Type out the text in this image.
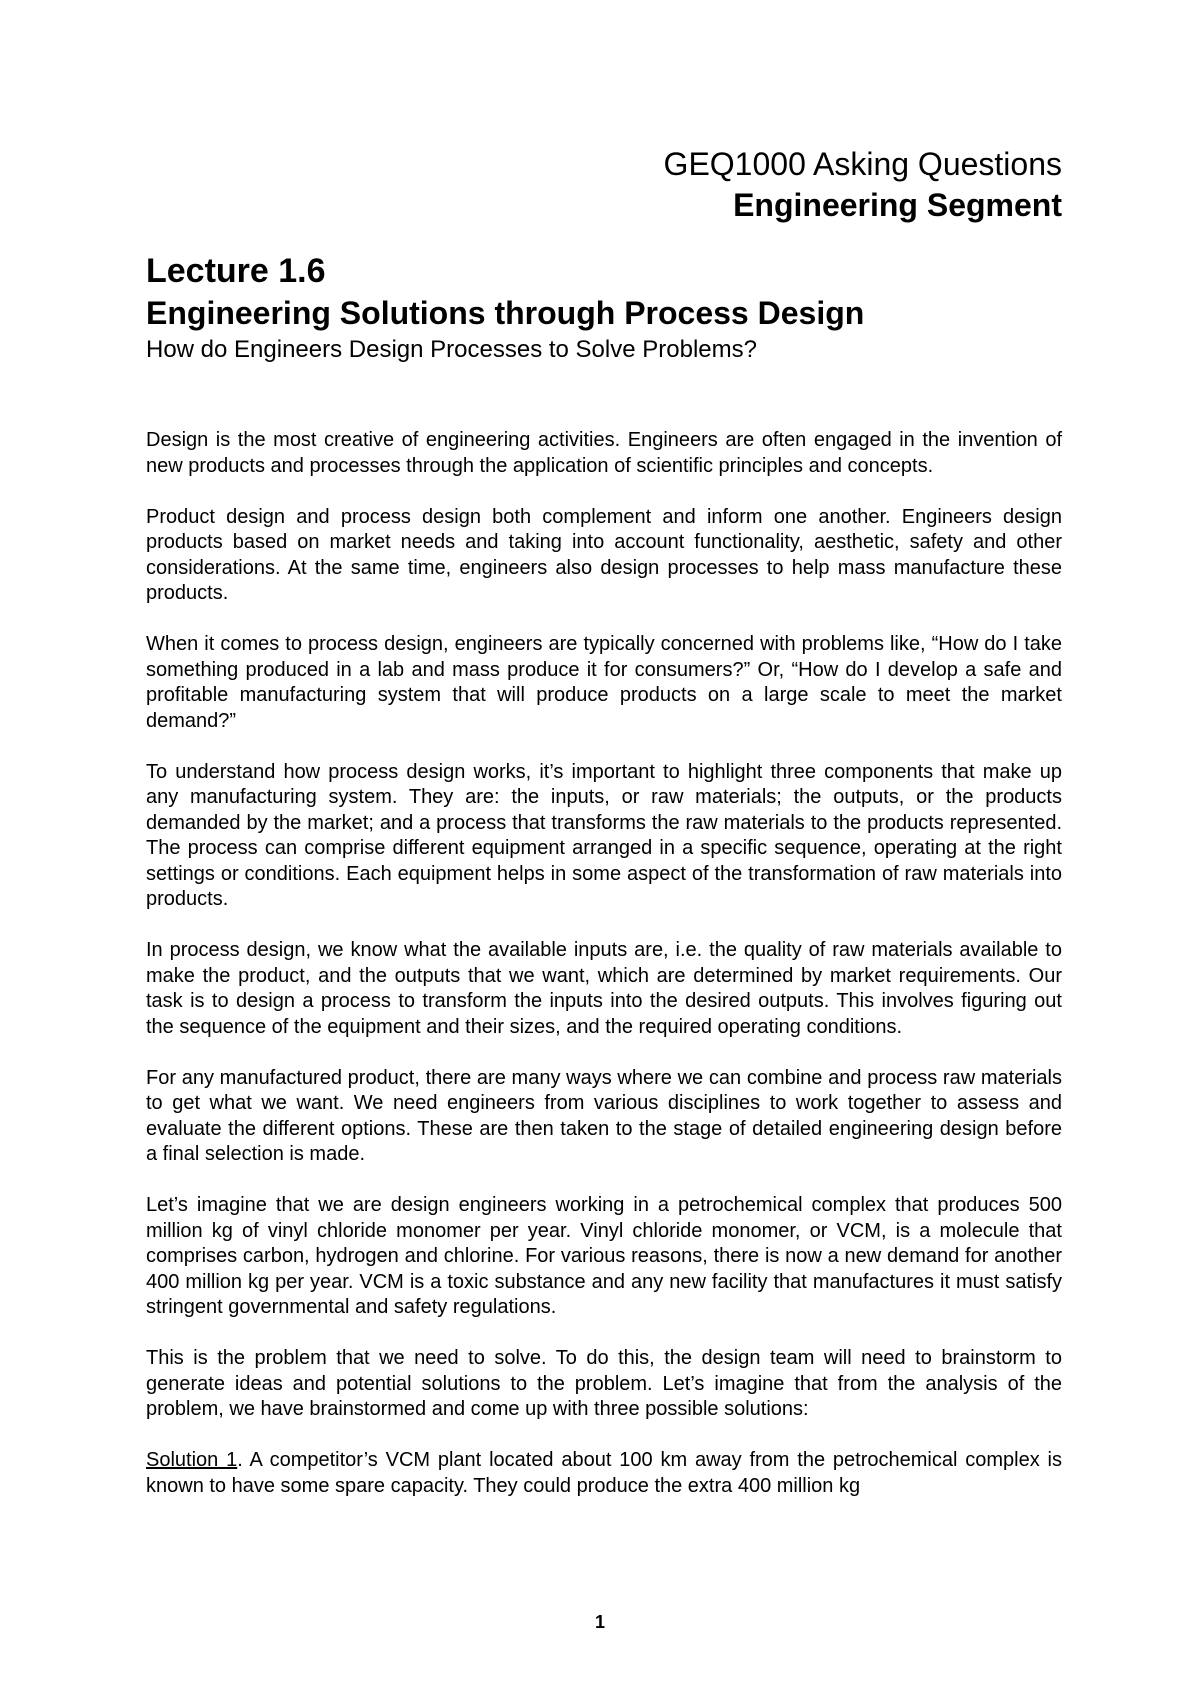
GEQ1000 Asking Questions

Engineering Segment

Lecture 1.6

Engineering Solutions through Process Design

How do Engineers Design Processes to Solve Problems?

Design is the most creative of engineering activities. Engineers are often engaged in the invention of new products and processes through the application of scientific principles and concepts.

Product design and process design both complement and inform one another. Engineers design products based on market needs and taking into account functionality, aesthetic, safety and other considerations. At the same time, engineers also design processes to help mass manufacture these products.

When it comes to process design, engineers are typically concerned with problems like, “How do I take something produced in a lab and mass produce it for consumers?” Or, “How do I develop a safe and profitable manufacturing system that will produce products on a large scale to meet the market demand?”

To understand how process design works, it’s important to highlight three components that make up any manufacturing system. They are: the inputs, or raw materials; the outputs, or the products demanded by the market; and a process that transforms the raw materials to the products represented. The process can comprise different equipment arranged in a specific sequence, operating at the right settings or conditions. Each equipment helps in some aspect of the transformation of raw materials into products.

In process design, we know what the available inputs are, i.e. the quality of raw materials available to make the product, and the outputs that we want, which are determined by market requirements. Our task is to design a process to transform the inputs into the desired outputs. This involves figuring out the sequence of the equipment and their sizes, and the required operating conditions.

For any manufactured product, there are many ways where we can combine and process raw materials to get what we want. We need engineers from various disciplines to work together to assess and evaluate the different options. These are then taken to the stage of detailed engineering design before a final selection is made.

Let’s imagine that we are design engineers working in a petrochemical complex that produces 500 million kg of vinyl chloride monomer per year. Vinyl chloride monomer, or VCM, is a molecule that comprises carbon, hydrogen and chlorine. For various reasons, there is now a new demand for another 400 million kg per year. VCM is a toxic substance and any new facility that manufactures it must satisfy stringent governmental and safety regulations.

This is the problem that we need to solve. To do this, the design team will need to brainstorm to generate ideas and potential solutions to the problem. Let’s imagine that from the analysis of the problem, we have brainstormed and come up with three possible solutions:

Solution 1. A competitor’s VCM plant located about 100 km away from the petrochemical complex is known to have some spare capacity. They could produce the extra 400 million kg

1
